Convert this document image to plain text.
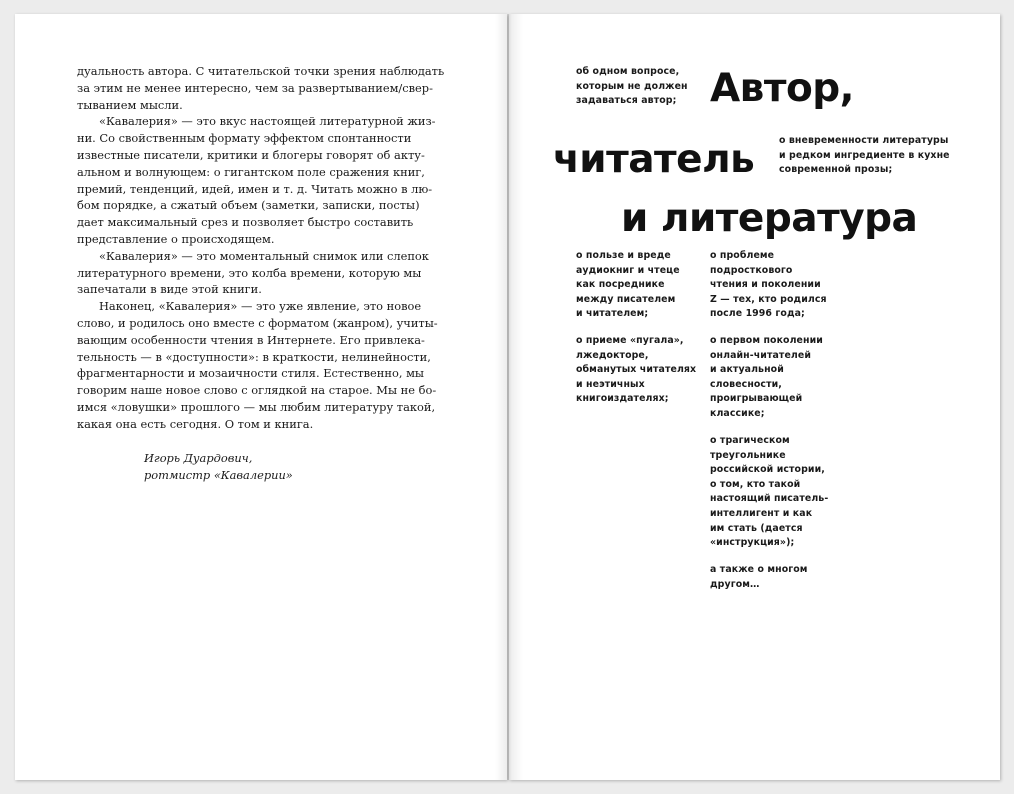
дуальность автора. С читательской точки зрения наблюдать
за этим не менее интересно, чем за развертыванием/свер-
тыванием мысли.

«Кавалерия» — это вкус настоящей литературной жиз-
ни. Со свойственным формату эффектом спонтанности
известные писатели, критики и блогеры говорят об акту-
альном и волнующем: о гигантском поле сражения книг,
премий, тенденций, идей, имен и т. д. Читать можно в лю-
бом порядке, а сжатый объем (заметки, записки, посты)
дает максимальный срез и позволяет быстро составить
представление о происходящем.

«Кавалерия» — это моментальный снимок или слепок
литературного времени, это колба времени, которую мы
запечатали в виде этой книги.

Наконец, «Кавалерия» — это уже явление, это новое
слово, и родилось оно вместе с форматом (жанром), учиты-
вающим особенности чтения в Интернете. Его привлека-
тельность — в «доступности»: в краткости, нелинейности,
фрагментарности и мозаичности стиля. Естественно, мы
говорим наше новое слово с оглядкой на старое. Мы не бо-
имся «ловушки» прошлого — мы любим литературу такой,
какая она есть сегодня. О том и книга.

Игорь Дуардович,
ротмистр «Кавалерии»
об одном вопросе,
которым не должен
задаваться автор; Автор,
читатель	о вневременности литературы
и редком ингредиенте в кухне
современной прозы;
и литература
о пользе и вреде
аудиокниг и чтеце
как посреднике
между писателем
и читателем;
о приеме «пугала»,
лжедокторе,
обманутых читателях
и неэтичных
книгоиздателях;
о проблеме
подросткового
чтения и поколении
Z — тех, кто родился
после 1996 года;
о первом поколении
онлайн-читателей
и актуальной
словесности,
проигрывающей
классике;
о трагическом
треугольнике
российской истории,
о том, кто такой
настоящий писатель-
интеллигент и как
им стать (дается
«инструкция»);
а также о многом
другом…
